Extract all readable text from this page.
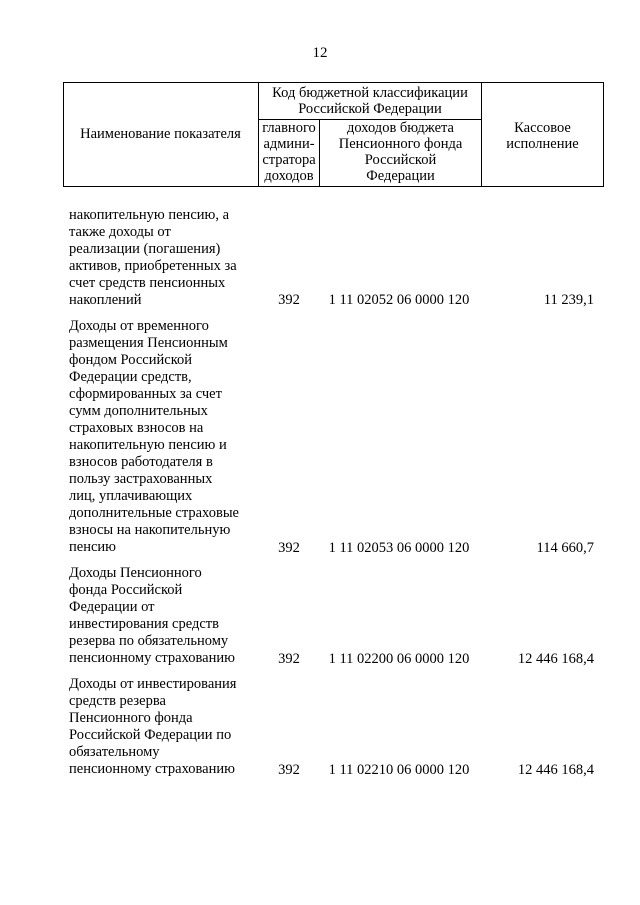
12
Наименование показателя
Код бюджетной классификации
Российской Федерации
главного
админи-
стратора
доходов
доходов бюджета
Пенсионного фонда
Российской
Федерации
Кассовое
исполнение
накопительную пенсию, а
также доходы от
реализации (погашения)
активов, приобретенных за
счет средств пенсионных
накоплений	392	1 11 02052 06 0000 120	11 239,1
Доходы от временного
размещения Пенсионным
фондом Российской
Федерации средств,
сформированных за счет
сумм дополнительных
страховых взносов на
накопительную пенсию и
взносов работодателя в
пользу застрахованных
лиц, уплачивающих
дополнительные страховые
взносы на накопительную
пенсию	392	1 11 02053 06 0000 120	114 660,7
Доходы Пенсионного
фонда Российской
Федерации от
инвестирования средств
резерва по обязательному
пенсионному страхованию	392	1 11 02200 06 0000 120	12 446 168,4
Доходы от инвестирования
средств резерва
Пенсионного фонда
Российской Федерации по
обязательному
пенсионному страхованию	392	1 11 02210 06 0000 120	12 446 168,4
